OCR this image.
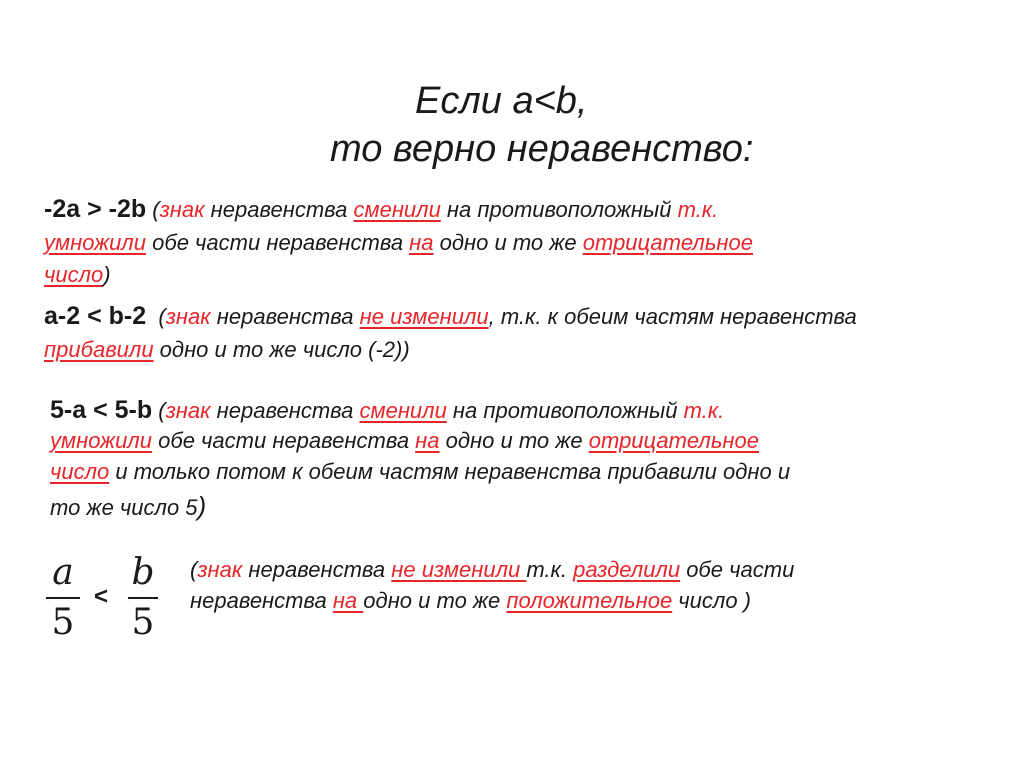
Если a<b,
то верно неравенство:
-2a > -2b (знак неравенства сменили на противоположный т.к.
умножили обе части неравенства на одно и то же отрицательное
число)
a-2 < b-2  (знак неравенства не изменили, т.к. к обеим частям неравенства
прибавили одно и то же число (-2))
5-a < 5-b (знак неравенства сменили на противоположный т.к.
умножили обе части неравенства на одно и то же отрицательное
число и только потом к обеим частям неравенства прибавили одно и
то же число 5)
a
5
<
b
5
(знак неравенства не изменили т.к. разделили обе части
неравенства на одно и то же положительное число )
